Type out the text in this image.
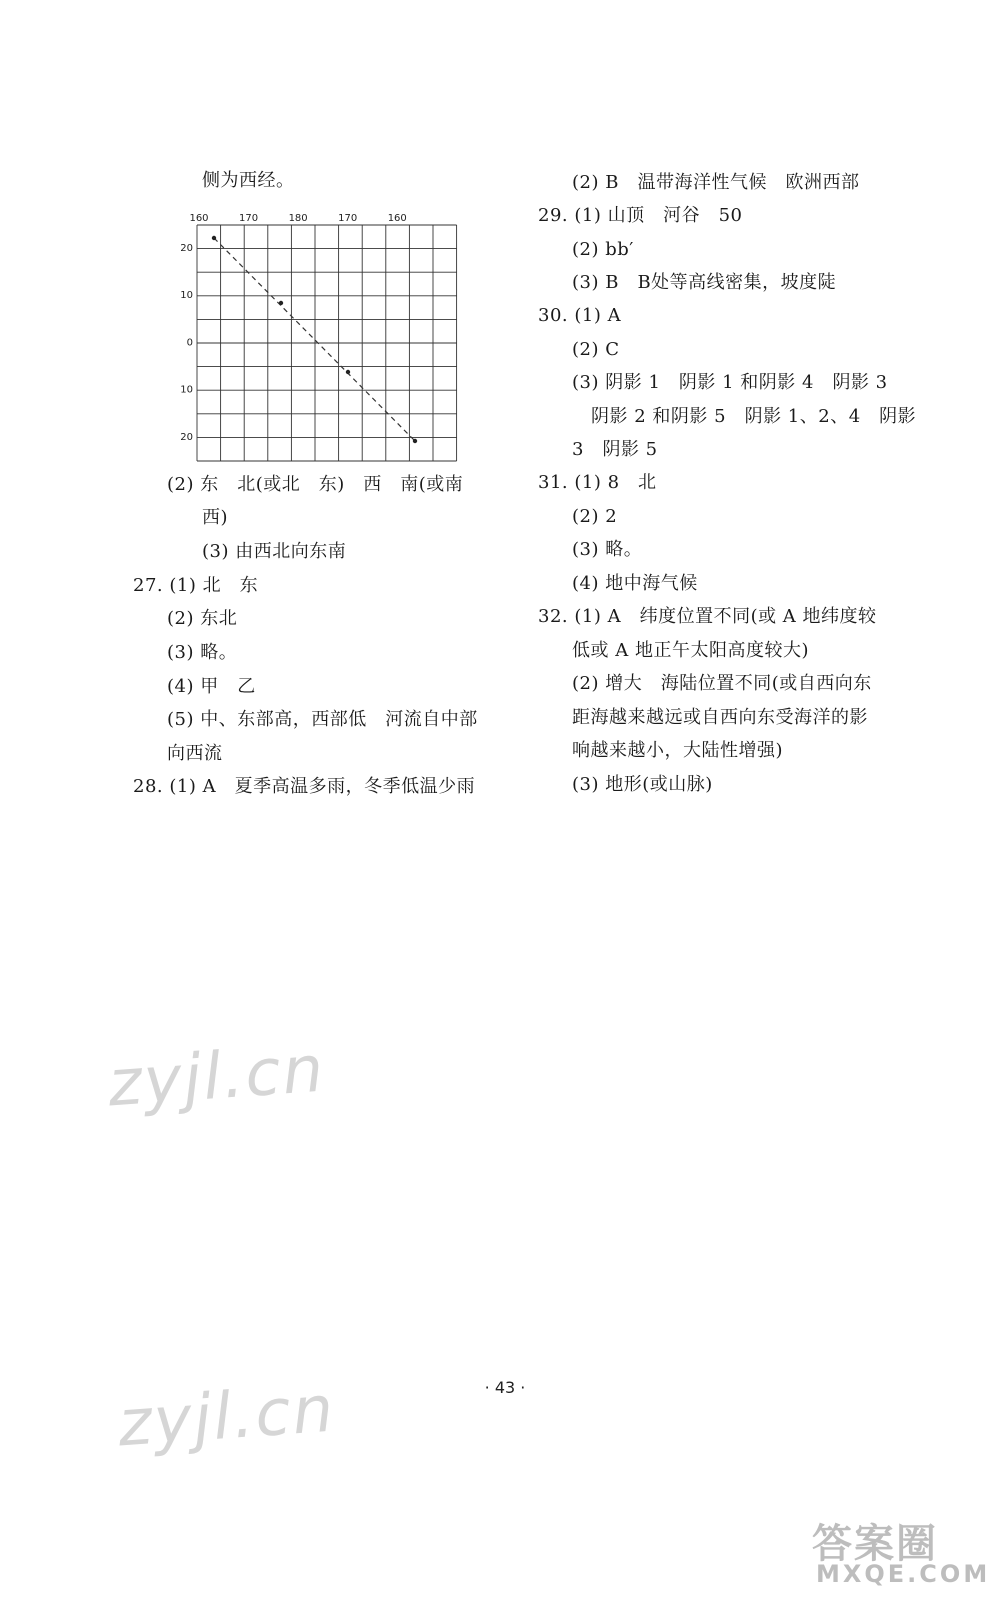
侧为西经。
160	170	180	170	160
20
10
0
10
20
(2) 东　北(或北　东)　西　南(或南
西)
(3) 由西北向东南
27. (1) 北　东
(2) 东北
(3) 略。
(4) 甲　乙
(5) 中、东部高，西部低　河流自中部
向西流
28. (1) A　夏季高温多雨，冬季低温少雨
(2) B　温带海洋性气候　欧洲西部
29. (1) 山顶　河谷　50
(2) bb′
(3) B　B处等高线密集，坡度陡
30. (1) A
(2) C
(3) 阴影 1　阴影 1 和阴影 4　阴影 3
阴影 2 和阴影 5　阴影 1、2、4　阴影
3　阴影 5
31. (1) 8　北
(2) 2
(3) 略。
(4) 地中海气候
32. (1) A　纬度位置不同(或 A 地纬度较
低或 A 地正午太阳高度较大)
(2) 增大　海陆位置不同(或自西向东
距海越来越远或自西向东受海洋的影
响越来越小，大陆性增强)
(3) 地形(或山脉)
zyjl.cn
zyjl.cn	· 43 ·
答案圈
MXQE.COM
